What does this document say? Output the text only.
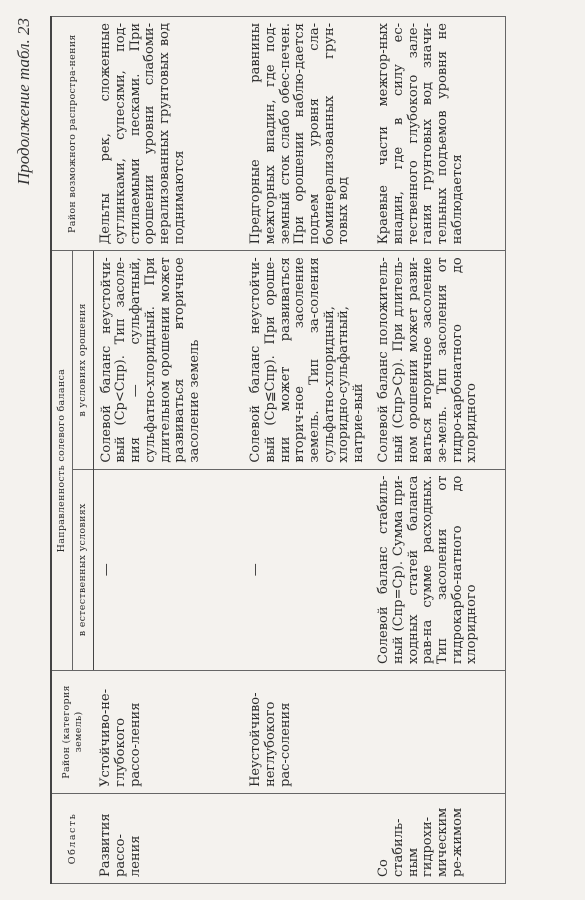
Продолжение табл. 23
Область	Район (категория земель)	Направленность солевого баланса		Район возможного распростра-нения
		в естественных условиях	в условиях орошения	
Развития рассо-ления	Устойчиво-не-глубокого рассо-ления	—	Солевой баланс неустойчи-вый (Ср<Спр). Тип засоле-ния — сульфатный, сульфатно-хлоридный. При длительном орошении может развиваться вторичное засоление земель	Дельты рек, сложенные суглинками, супесями, под-стилаемыми песками. При орошении уровни слабоми-нерализованных грунтовых вод поднимаются
	Неустойчиво-неглубокого рас-соления	—	Солевой баланс неустойчи-вый (Ср≦Спр). При ороше-нии может развиваться вторич-ное засоление земель. Тип за-соления сульфатно-хлоридный, хлоридно-сульфатный, натрие-вый	Предгорные равнины межгорных впадин, где под-земный сток слабо обес-печен. При орошении наблю-дается подъем уровня сла-боминерализованных грун-товых вод
Со стабиль-ным гидрохи-мическим ре-жимом		Солевой баланс стабиль-ный (Спр=Ср). Сумма при-ходных статей баланса рав-на сумме расходных. Тип засоления от гидрокарбо-натного до хлоридного	Солевой баланс положитель-ный (Спр>Ср). При длитель-ном орошении может разви-ваться вторичное засоление зе-мель. Тип засоления от гидро-карбонатного до хлоридного	Краевые части межгор-ных впадин, где в силу ес-тественного глубокого зале-гания грунтовых вод значи-тельных подъемов уровня не наблюдается
